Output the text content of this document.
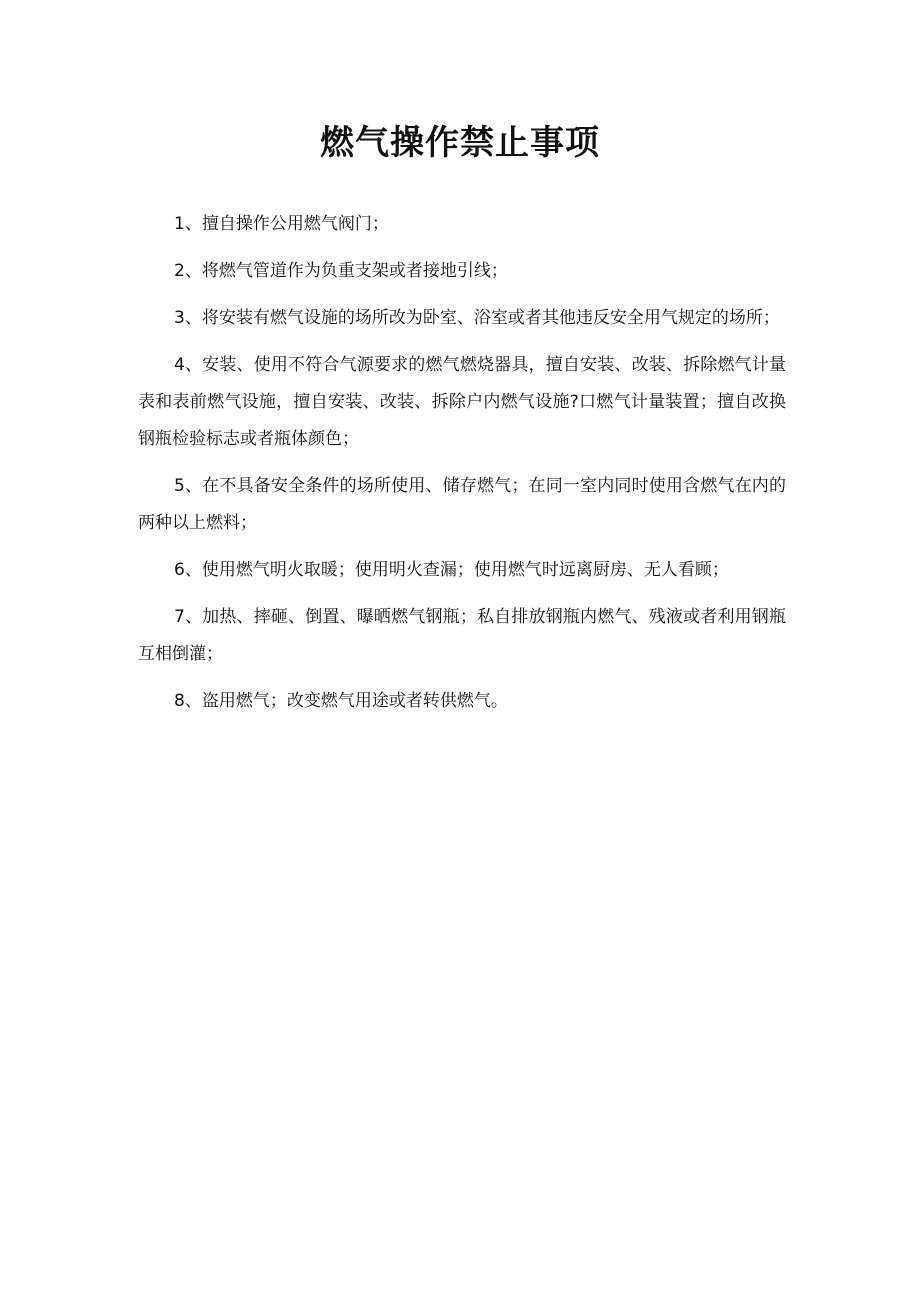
燃气操作禁止事项

1、擅自操作公用燃气阀门；

2、将燃气管道作为负重支架或者接地引线；

3、将安装有燃气设施的场所改为卧室、浴室或者其他违反安全用气规定的场所；

4、安装、使用不符合气源要求的燃气燃烧器具，擅自安装、改装、拆除燃气计量表和表前燃气设施，擅自安装、改装、拆除户内燃气设施?口燃气计量装置；擅自改换钢瓶检验标志或者瓶体颜色；

5、在不具备安全条件的场所使用、储存燃气；在同一室内同时使用含燃气在内的两种以上燃料；

6、使用燃气明火取暖；使用明火查漏；使用燃气时远离厨房、无人看顾；

7、加热、摔砸、倒置、曝晒燃气钢瓶；私自排放钢瓶内燃气、残液或者利用钢瓶互相倒灌；

8、盗用燃气；改变燃气用途或者转供燃气。
